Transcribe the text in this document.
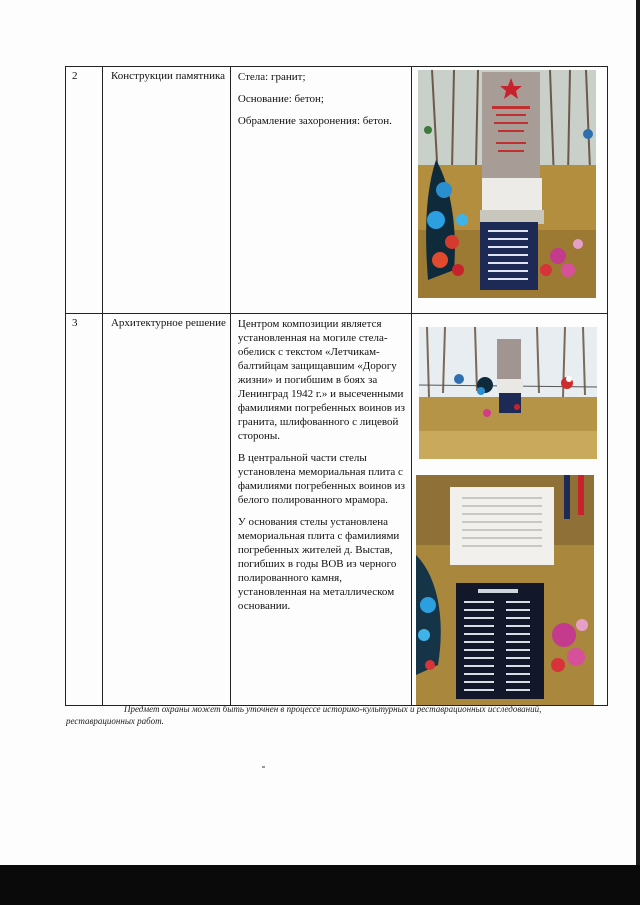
2	Конструкции памятника	Стела: гранит;

Основание: бетон;

Обрамление захоронения: бетон.

3	Архитектурное решение	Центром композиции является установленная на могиле стела-обелиск с текстом «Летчикам-балтийцам защищавшим «Дорогу жизни» и погибшим в боях за Ленинград 1942 г.» и высеченными фамилиями погребенных воинов из гранита, шлифованного с лицевой стороны.

В центральной части стелы установлена мемориальная плита с фамилиями погребенных воинов из белого полированного мрамора.

У основания стелы установлена мемориальная плита с фамилиями погребенных жителей д. Выстав, погибших в годы ВОВ из черного полированного камня, установленная на металлическом основании.

Предмет охраны может быть уточнен в процессе историко-культурных и реставрационных исследований, реставрационных работ.
